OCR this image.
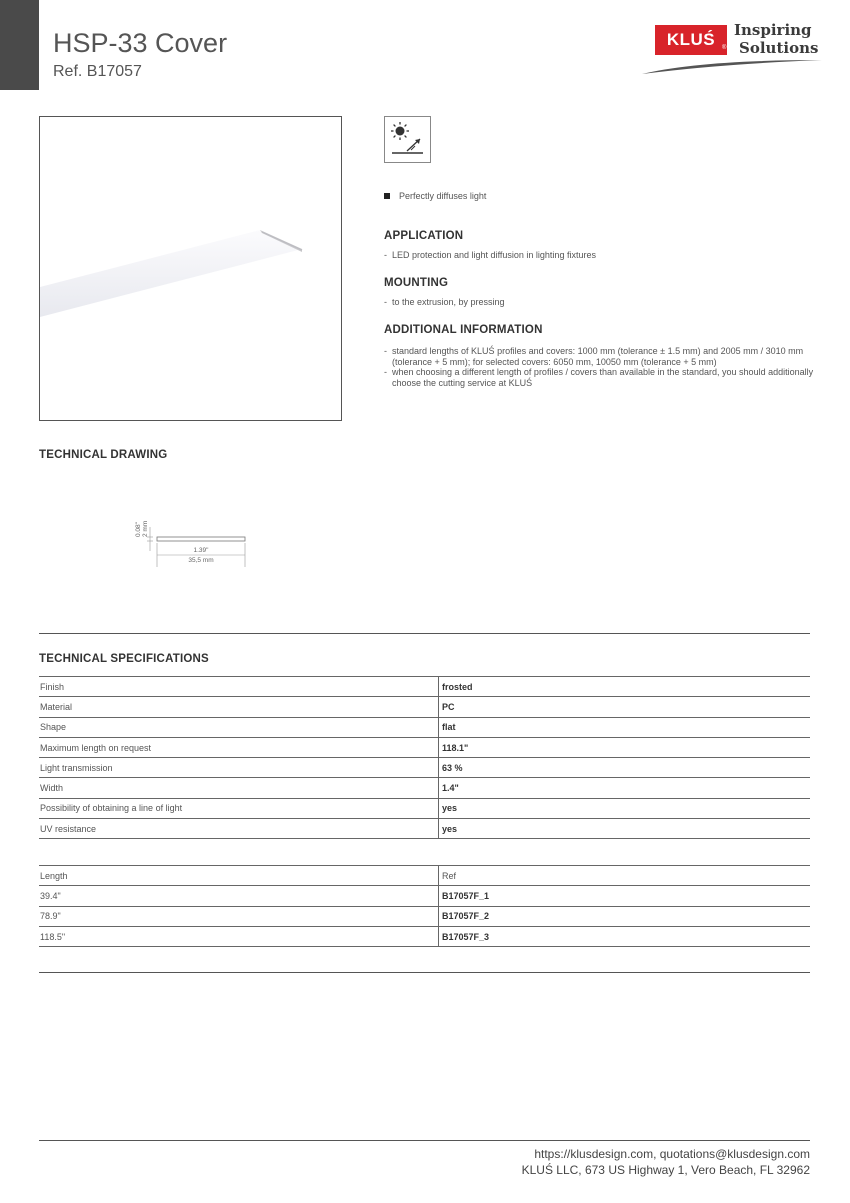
HSP-33 Cover
Ref. B17057
KLUŚ	®
Inspiring
Solutions
Perfectly diffuses light
APPLICATION
- LED protection and light diffusion in lighting fixtures
MOUNTING
- to the extrusion, by pressing
ADDITIONAL INFORMATION
- standard lengths of KLUŚ profiles and covers: 1000 mm (tolerance ± 1.5 mm) and 2005 mm / 3010 mm (tolerance + 5 mm); for selected covers: 6050 mm, 10050 mm (tolerance + 5 mm)
- when choosing a different length of profiles / covers than available in the standard, you should additionally choose the cutting service at KLUŚ
TECHNICAL DRAWING
0.08" 2 mm
1.39"
35,5 mm
TECHNICAL SPECIFICATIONS
Finish	frosted
Material	PC
Shape	flat
Maximum length on request	118.1"
Light transmission	63 %
Width	1.4"
Possibility of obtaining a line of light	yes
UV resistance	yes
Length	Ref
39.4"	B17057F_1
78.9"	B17057F_2
118.5"	B17057F_3
https://klusdesign.com, quotations@klusdesign.com
KLUŚ LLC, 673 US Highway 1, Vero Beach, FL 32962
